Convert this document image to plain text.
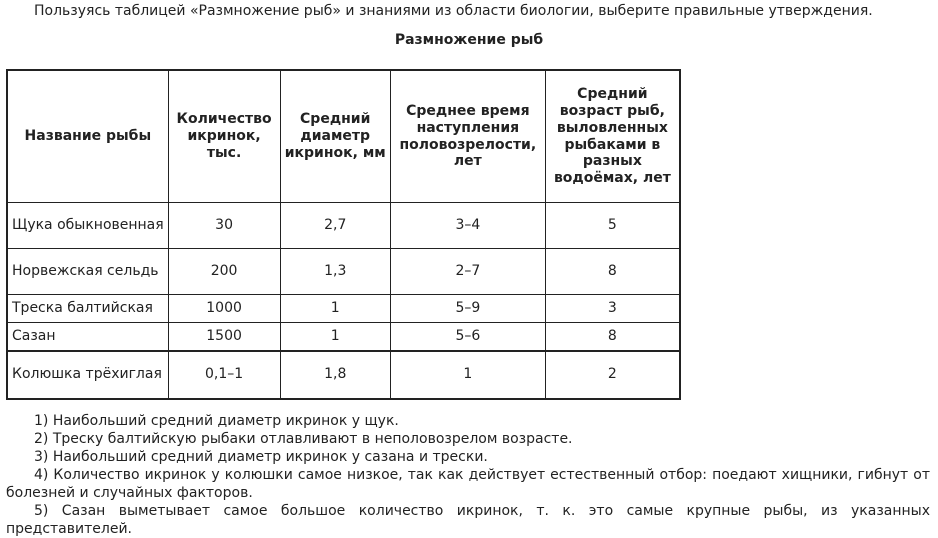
Пользуясь таблицей «Размножение рыб» и знаниями из области биологии, выберите правильные утверждения.
Размножение рыб
Название рыбы	Количество икринок, тыс.	Средний диаметр икринок, мм	Среднее время наступления половозрелости, лет	Средний возраст рыб, выловленных рыбаками в разных водоёмах, лет
Щука обыкновенная	30	2,7	3–4	5
Норвежская сельдь	200	1,3	2–7	8
Треска балтийская	1000	1	5–9	3
Сазан	1500	1	5–6	8
Колюшка трёхиглая	0,1–1	1,8	1	2

1) Наибольший средний диаметр икринок у щук.

2) Треску балтийскую рыбаки отлавливают в неполовозрелом возрасте.

3) Наибольший средний диаметр икринок у сазана и трески.

4) Количество икринок у колюшки самое низкое, так как действует естественный отбор: поедают хищники, гибнут от болезней и случайных факторов.

5) Сазан выметывает самое большое количество икринок, т. к. это самые крупные рыбы, из указанных представителей.
